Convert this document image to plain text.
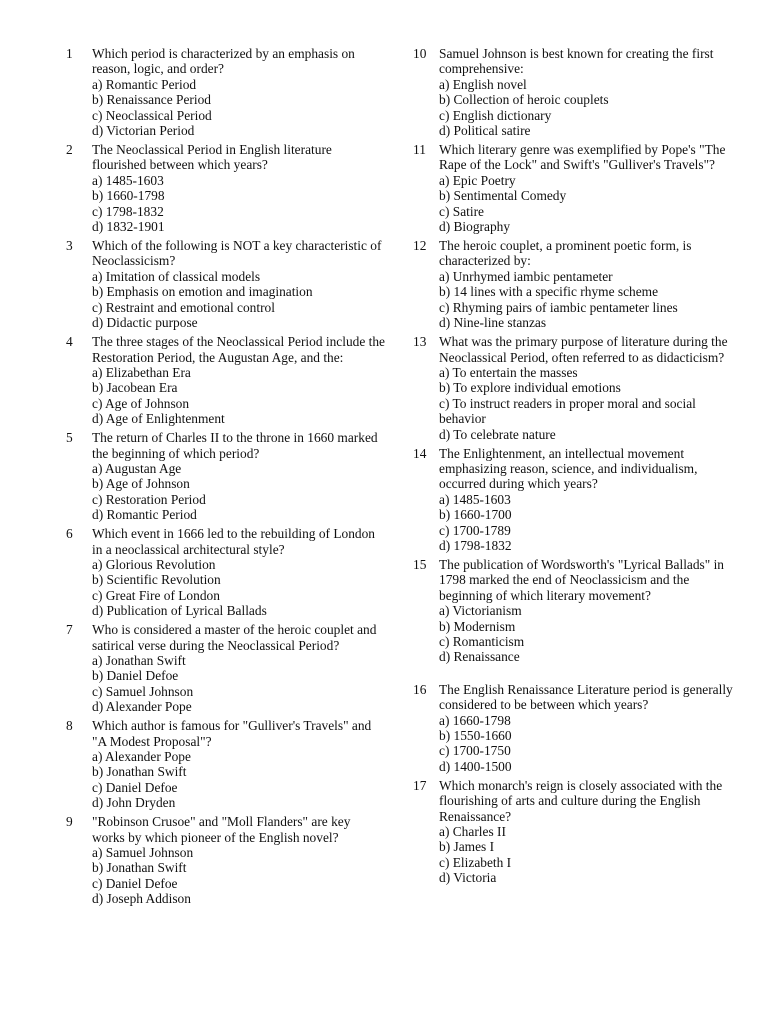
1	Which period is characterized by an emphasis on reason, logic, and order?
a) Romantic Period
b) Renaissance Period
c) Neoclassical Period
d) Victorian Period
2	The Neoclassical Period in English literature flourished between which years?
a) 1485-1603
b) 1660-1798
c) 1798-1832
d) 1832-1901
3	Which of the following is NOT a key characteristic of Neoclassicism?
a) Imitation of classical models
b) Emphasis on emotion and imagination
c) Restraint and emotional control
d) Didactic purpose
4	The three stages of the Neoclassical Period include the Restoration Period, the Augustan Age, and the:
a) Elizabethan Era
b) Jacobean Era
c) Age of Johnson
d) Age of Enlightenment
5	The return of Charles II to the throne in 1660 marked the beginning of which period?
a) Augustan Age
b) Age of Johnson
c) Restoration Period
d) Romantic Period
6	Which event in 1666 led to the rebuilding of London in a neoclassical architectural style?
a) Glorious Revolution
b) Scientific Revolution
c) Great Fire of London
d) Publication of Lyrical Ballads
7	Who is considered a master of the heroic couplet and satirical verse during the Neoclassical Period?
a) Jonathan Swift
b) Daniel Defoe
c) Samuel Johnson
d) Alexander Pope
8	Which author is famous for "Gulliver's Travels" and "A Modest Proposal"?
a) Alexander Pope
b) Jonathan Swift
c) Daniel Defoe
d) John Dryden
9	"Robinson Crusoe" and "Moll Flanders" are key works by which pioneer of the English novel?
a) Samuel Johnson
b) Jonathan Swift
c) Daniel Defoe
d) Joseph Addison
10 Samuel Johnson is best known for creating the first comprehensive:
a) English novel
b) Collection of heroic couplets
c) English dictionary
d) Political satire
11 Which literary genre was exemplified by Pope's "The Rape of the Lock" and Swift's "Gulliver's Travels"?
a) Epic Poetry
b) Sentimental Comedy
c) Satire
d) Biography
12 The heroic couplet, a prominent poetic form, is characterized by:
a) Unrhymed iambic pentameter
b) 14 lines with a specific rhyme scheme
c) Rhyming pairs of iambic pentameter lines
d) Nine-line stanzas
13 What was the primary purpose of literature during the Neoclassical Period, often referred to as didacticism?
a) To entertain the masses
b) To explore individual emotions
c) To instruct readers in proper moral and social behavior
d) To celebrate nature
14 The Enlightenment, an intellectual movement emphasizing reason, science, and individualism, occurred during which years?
a) 1485-1603
b) 1660-1700
c) 1700-1789
d) 1798-1832
15 The publication of Wordsworth's "Lyrical Ballads" in 1798 marked the end of Neoclassicism and the beginning of which literary movement?
a) Victorianism
b) Modernism
c) Romanticism
d) Renaissance
16 The English Renaissance Literature period is generally considered to be between which years?
a) 1660-1798
b) 1550-1660
c) 1700-1750
d) 1400-1500
17 Which monarch's reign is closely associated with the flourishing of arts and culture during the English Renaissance?
a) Charles II
b) James I
c) Elizabeth I
d) Victoria
